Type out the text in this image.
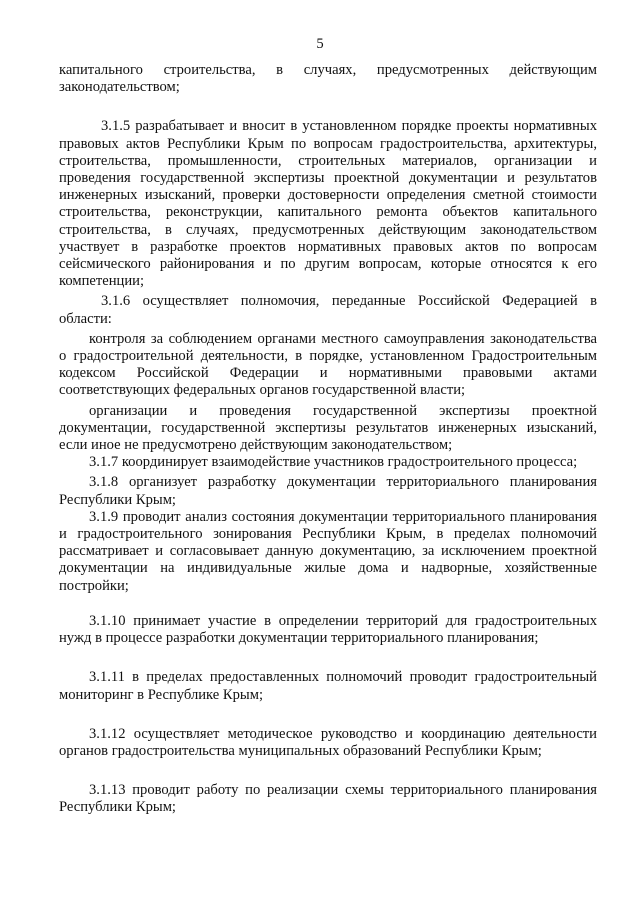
5

капитального строительства, в случаях, предусмотренных действующим законодательством;

3.1.5 разрабатывает и вносит в установленном порядке проекты нормативных правовых актов Республики Крым по вопросам градостроительства, архитектуры, строительства, промышленности, строительных материалов, организации и проведения государственной экспертизы проектной документации и результатов инженерных изысканий, проверки достоверности определения сметной стоимости строительства, реконструкции, капитального ремонта объектов капитального строительства, в случаях, предусмотренных действующим законодательством участвует в разработке проектов нормативных правовых актов по вопросам сейсмического районирования и по другим вопросам, которые относятся к его компетенции;

3.1.6 осуществляет полномочия, переданные Российской Федерацией в области:

контроля за соблюдением органами местного самоуправления законодательства о градостроительной деятельности, в порядке, установленном Градостроительным кодексом Российской Федерации и нормативными правовыми актами соответствующих федеральных органов государственной власти;

организации и проведения государственной экспертизы проектной документации, государственной экспертизы результатов инженерных изысканий, если иное не предусмотрено действующим законодательством;

3.1.7 координирует взаимодействие участников градостроительного процесса;

3.1.8 организует разработку документации территориального планирования Республики Крым;

3.1.9 проводит анализ состояния документации территориального планирования и градостроительного зонирования Республики Крым, в пределах полномочий рассматривает и согласовывает данную документацию, за исключением проектной документации на индивидуальные жилые дома и надворные, хозяйственные постройки;

3.1.10 принимает участие в определении территорий для градостроительных нужд в процессе разработки документации территориального планирования;

3.1.11 в пределах предоставленных полномочий проводит градостроительный мониторинг в Республике Крым;

3.1.12 осуществляет методическое руководство и координацию деятельности органов градостроительства муниципальных образований Республики Крым;

3.1.13 проводит работу по реализации схемы территориального планирования Республики Крым;
